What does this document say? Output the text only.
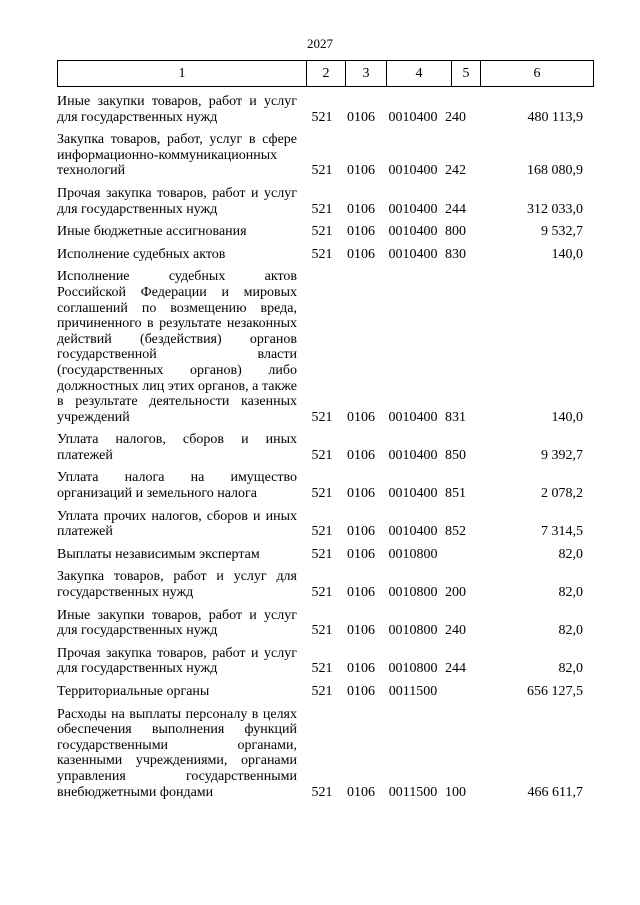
2027
1	2	3	4	5	6
Иные закупки товаров, работ и услуг для государственных нужд	521	0106	0010400	240	480 113,9
Закупка товаров, работ, услуг в сфере информационно-коммуникационных технологий	521	0106	0010400	242	168 080,9
Прочая закупка товаров, работ и услуг для государственных нужд	521	0106	0010400	244	312 033,0
Иные бюджетные ассигнования	521	0106	0010400	800	9 532,7
Исполнение судебных актов	521	0106	0010400	830	140,0
Исполнение судебных актов Российской Федерации и мировых соглашений по возмещению вреда, причиненного в результате незаконных действий (бездействия) органов государственной власти (государственных органов) либо должностных лиц этих органов, а также в результате деятельности казенных учреждений	521	0106	0010400	831	140,0
Уплата налогов, сборов и иных платежей	521	0106	0010400	850	9 392,7
Уплата налога на имущество организаций и земельного налога	521	0106	0010400	851	2 078,2
Уплата прочих налогов, сборов и иных платежей	521	0106	0010400	852	7 314,5
Выплаты независимым экспертам	521	0106	0010800		82,0
Закупка товаров, работ и услуг для государственных нужд	521	0106	0010800	200	82,0
Иные закупки товаров, работ и услуг для государственных нужд	521	0106	0010800	240	82,0
Прочая закупка товаров, работ и услуг для государственных нужд	521	0106	0010800	244	82,0
Территориальные органы	521	0106	0011500		656 127,5
Расходы на выплаты персоналу в целях обеспечения выполнения функций государственными органами, казенными учреждениями, органами управления государственными внебюджетными фондами	521	0106	0011500	100	466 611,7
